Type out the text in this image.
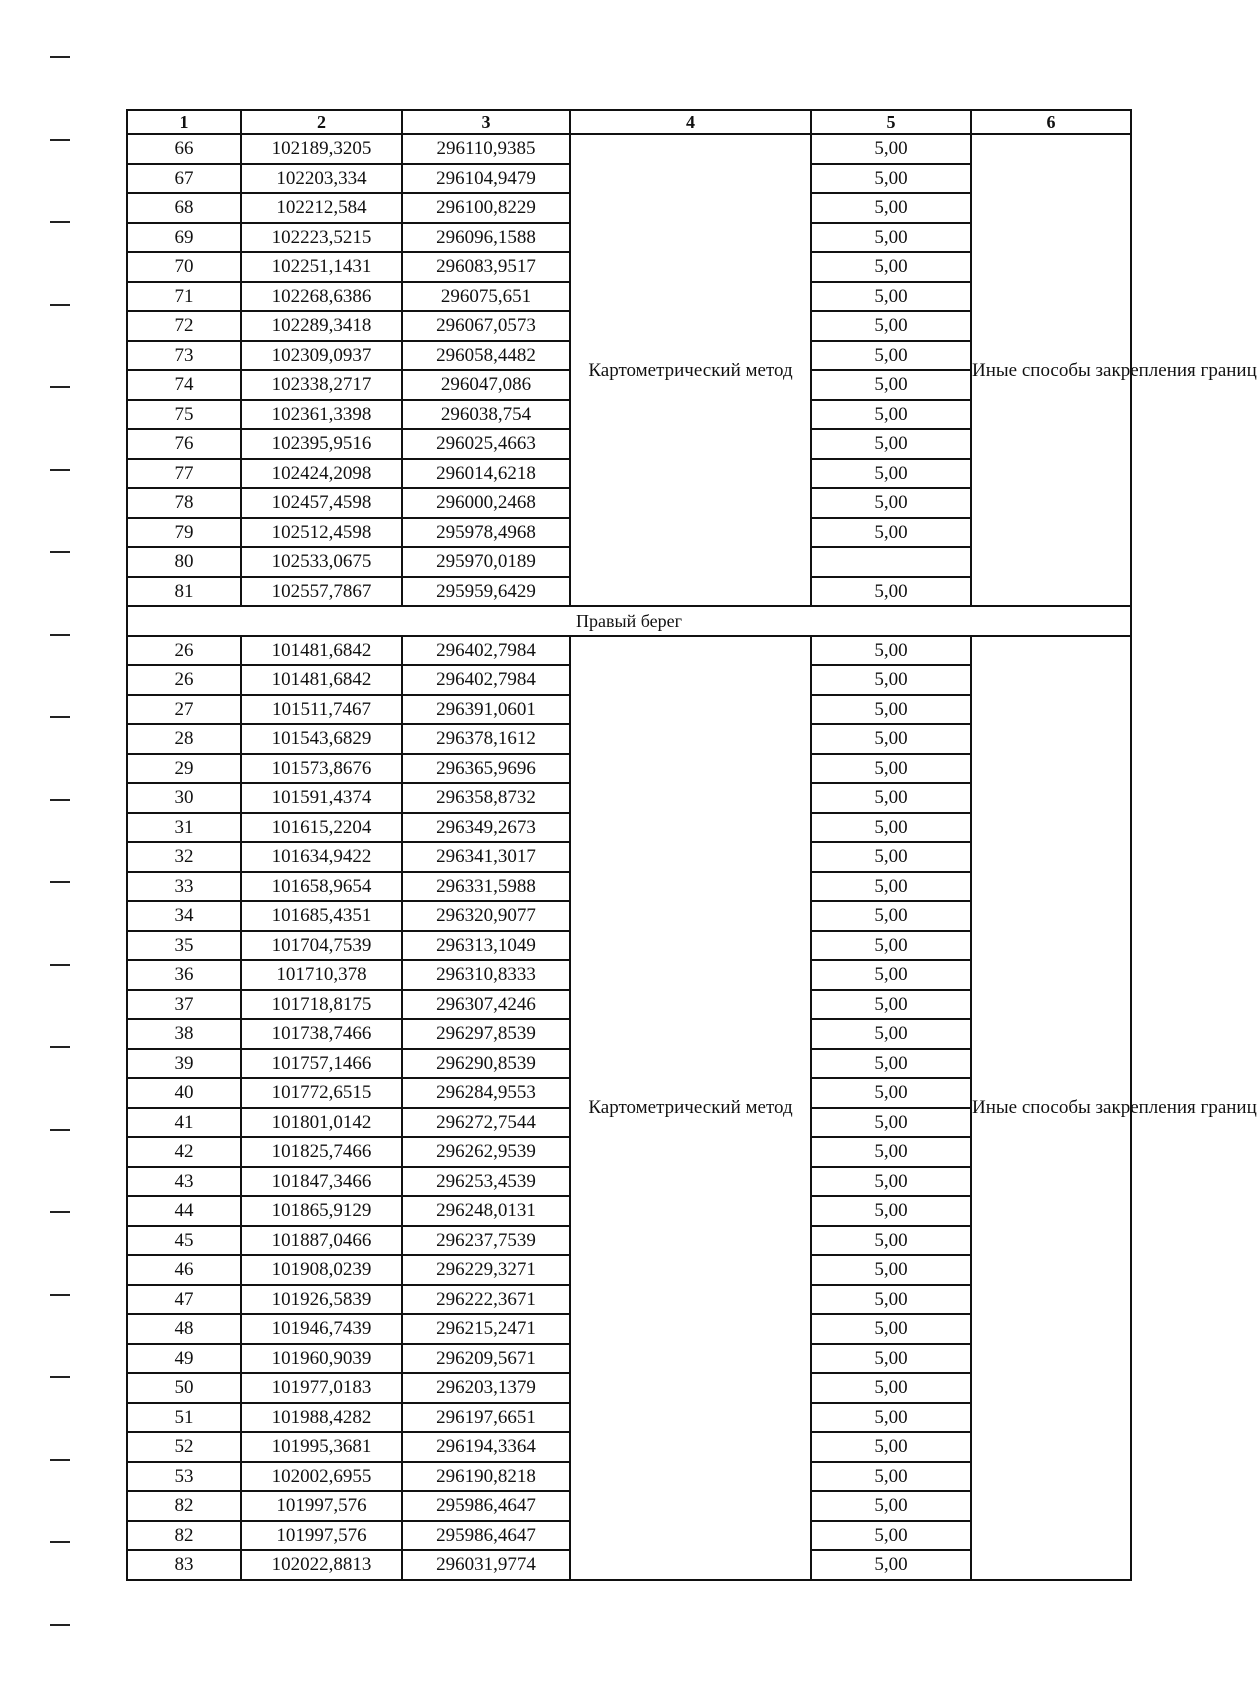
1	2	3	4	5	6
66	102189,3205	296110,9385	Картометрический метод	5,00	Иные способы закрепления границ
67	102203,334	296104,9479		5,00	
68	102212,584	296100,8229		5,00	
69	102223,5215	296096,1588		5,00	
70	102251,1431	296083,9517		5,00	
71	102268,6386	296075,651		5,00	
72	102289,3418	296067,0573		5,00	
73	102309,0937	296058,4482		5,00	
74	102338,2717	296047,086		5,00	
75	102361,3398	296038,754		5,00	
76	102395,9516	296025,4663		5,00	
77	102424,2098	296014,6218		5,00	
78	102457,4598	296000,2468		5,00	
79	102512,4598	295978,4968		5,00	
80	102533,0675	295970,0189			
81	102557,7867	295959,6429		5,00	
Правый берег					
26	101481,6842	296402,7984	Картометрический метод	5,00	Иные способы закрепления границ
26	101481,6842	296402,7984		5,00	
27	101511,7467	296391,0601		5,00	
28	101543,6829	296378,1612		5,00	
29	101573,8676	296365,9696		5,00	
30	101591,4374	296358,8732		5,00	
31	101615,2204	296349,2673		5,00	
32	101634,9422	296341,3017		5,00	
33	101658,9654	296331,5988		5,00	
34	101685,4351	296320,9077		5,00	
35	101704,7539	296313,1049		5,00	
36	101710,378	296310,8333		5,00	
37	101718,8175	296307,4246		5,00	
38	101738,7466	296297,8539		5,00	
39	101757,1466	296290,8539		5,00	
40	101772,6515	296284,9553		5,00	
41	101801,0142	296272,7544		5,00	
42	101825,7466	296262,9539		5,00	
43	101847,3466	296253,4539		5,00	
44	101865,9129	296248,0131		5,00	
45	101887,0466	296237,7539		5,00	
46	101908,0239	296229,3271		5,00	
47	101926,5839	296222,3671		5,00	
48	101946,7439	296215,2471		5,00	
49	101960,9039	296209,5671		5,00	
50	101977,0183	296203,1379		5,00	
51	101988,4282	296197,6651		5,00	
52	101995,3681	296194,3364		5,00	
53	102002,6955	296190,8218		5,00	
82	101997,576	295986,4647		5,00	
82	101997,576	295986,4647		5,00	
83	102022,8813	296031,9774		5,00	
